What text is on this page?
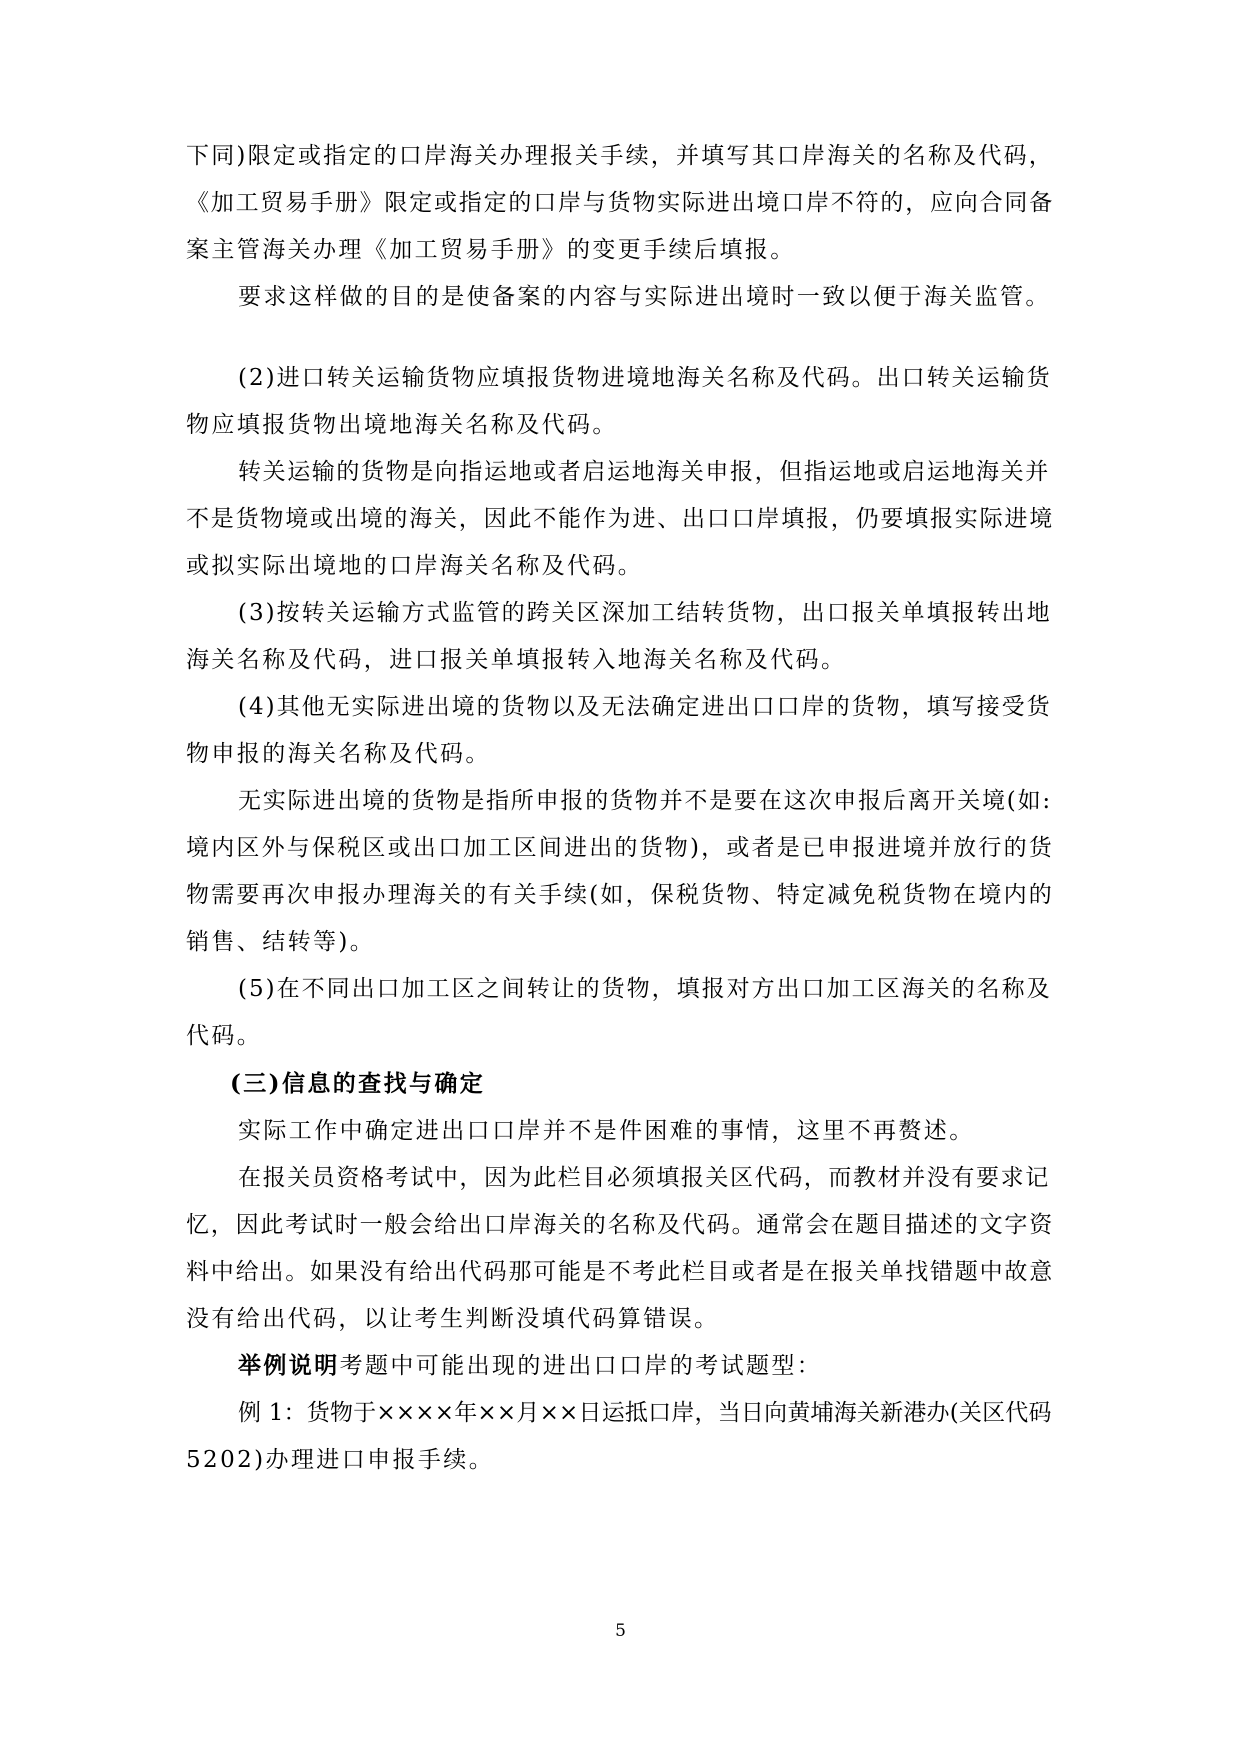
下同)限定或指定的口岸海关办理报关手续，并填写其口岸海关的名称及代码，
《加工贸易手册》限定或指定的口岸与货物实际进出境口岸不符的，应向合同备
案主管海关办理《加工贸易手册》的变更手续后填报。
要求这样做的目的是使备案的内容与实际进出境时一致以便于海关监管。
(2)进口转关运输货物应填报货物进境地海关名称及代码。出口转关运输货
物应填报货物出境地海关名称及代码。
转关运输的货物是向指运地或者启运地海关申报，但指运地或启运地海关并
不是货物境或出境的海关，因此不能作为进、出口口岸填报，仍要填报实际进境
或拟实际出境地的口岸海关名称及代码。
(3)按转关运输方式监管的跨关区深加工结转货物，出口报关单填报转出地
海关名称及代码，进口报关单填报转入地海关名称及代码。
(4)其他无实际进出境的货物以及无法确定进出口口岸的货物，填写接受货
物申报的海关名称及代码。
无实际进出境的货物是指所申报的货物并不是要在这次申报后离开关境(如:
境内区外与保税区或出口加工区间进出的货物)，或者是已申报进境并放行的货
物需要再次申报办理海关的有关手续(如，保税货物、特定减免税货物在境内的
销售、结转等)。
(5)在不同出口加工区之间转让的货物，填报对方出口加工区海关的名称及
代码。
(三)信息的查找与确定
实际工作中确定进出口口岸并不是件困难的事情，这里不再赘述。
在报关员资格考试中，因为此栏目必须填报关区代码，而教材并没有要求记
忆，因此考试时一般会给出口岸海关的名称及代码。通常会在题目描述的文字资
料中给出。如果没有给出代码那可能是不考此栏目或者是在报关单找错题中故意
没有给出代码，以让考生判断没填代码算错误。
举例说明考题中可能出现的进出口口岸的考试题型：
例 1：货物于××××年××月××日运抵口岸，当日向黄埔海关新港办(关区代码
5202)办理进口申报手续。
5
